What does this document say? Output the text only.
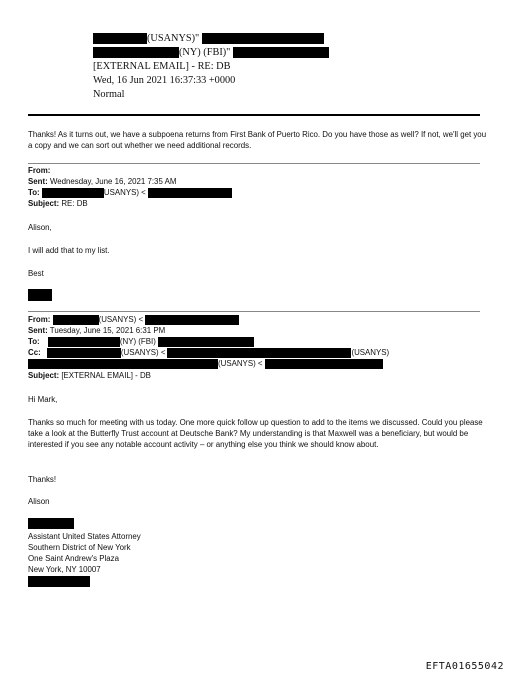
(USANYS)"
(NY) (FBI)"
[EXTERNAL EMAIL] - RE: DB
Wed, 16 Jun 2021 16:37:33 +0000
Normal
Thanks! As it turns out, we have a subpoena returns from First Bank of Puerto Rico. Do you have those as well? If not, we'll get you a copy and we can sort out whether we need additional records.
From:
Sent: Wednesday, June 16, 2021 7:35 AM
To:	USANYS) <
Subject: RE: DB
Alison,
I will add that to my list.
Best
From:	(USANYS) <
Sent: Tuesday, June 15, 2021 6:31 PM
To:	(NY) (FBI)
Cc:	(USANYS) <	(USANYS)
(USANYS) <
Subject: [EXTERNAL EMAIL] - DB
Hi Mark,
Thanks so much for meeting with us today. One more quick follow up question to add to the items we discussed. Could you please take a look at the Butterfly Trust account at Deutsche Bank? My understanding is that Maxwell was a beneficiary, but would be interested if you see any notable account activity – or anything else you think we should know about.
Thanks!
Alison
Assistant United States Attorney
Southern District of New York
One Saint Andrew's Plaza
New York, NY 10007
EFTA01655042
